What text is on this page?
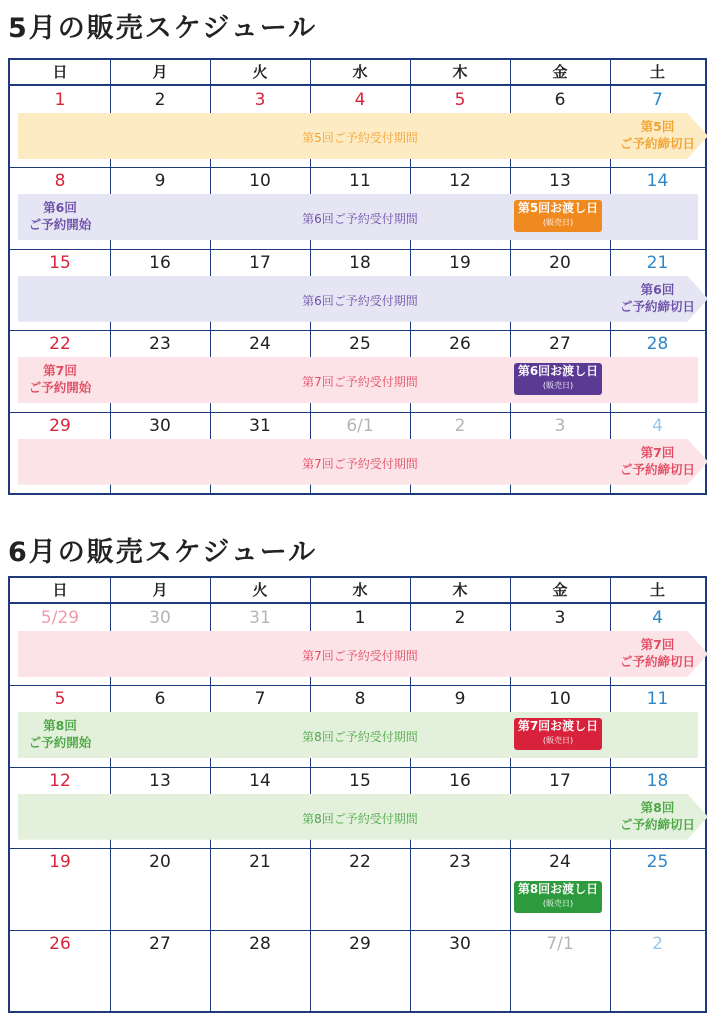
5月の販売スケジュール
日	月	火	水	木	金	土
第5回ご予約受付期間
第5回
ご予約締切日
1	2	3	4	5	6	7
第6回ご予約受付期間
第6回
ご予約開始
第5回お渡し日
(販売日)
8	9	10	11	12	13	14
第6回ご予約受付期間
第6回
ご予約締切日
15	16	17	18	19	20	21
第7回ご予約受付期間
第7回
ご予約開始
第6回お渡し日
(販売日)
22	23	24	25	26	27	28
第7回ご予約受付期間
第7回
ご予約締切日
29	30	31	6/1	2	3	4
6月の販売スケジュール
日	月	火	水	木	金	土
第7回ご予約受付期間
第7回
ご予約締切日
5/29	30	31	1	2	3	4
第8回ご予約受付期間
第8回
ご予約開始
第7回お渡し日
(販売日)
5	6	7	8	9	10	11
第8回ご予約受付期間
第8回
ご予約締切日
12	13	14	15	16	17	18
第8回お渡し日
(販売日)
19	20	21	22	23	24	25
26	27	28	29	30	7/1	2
